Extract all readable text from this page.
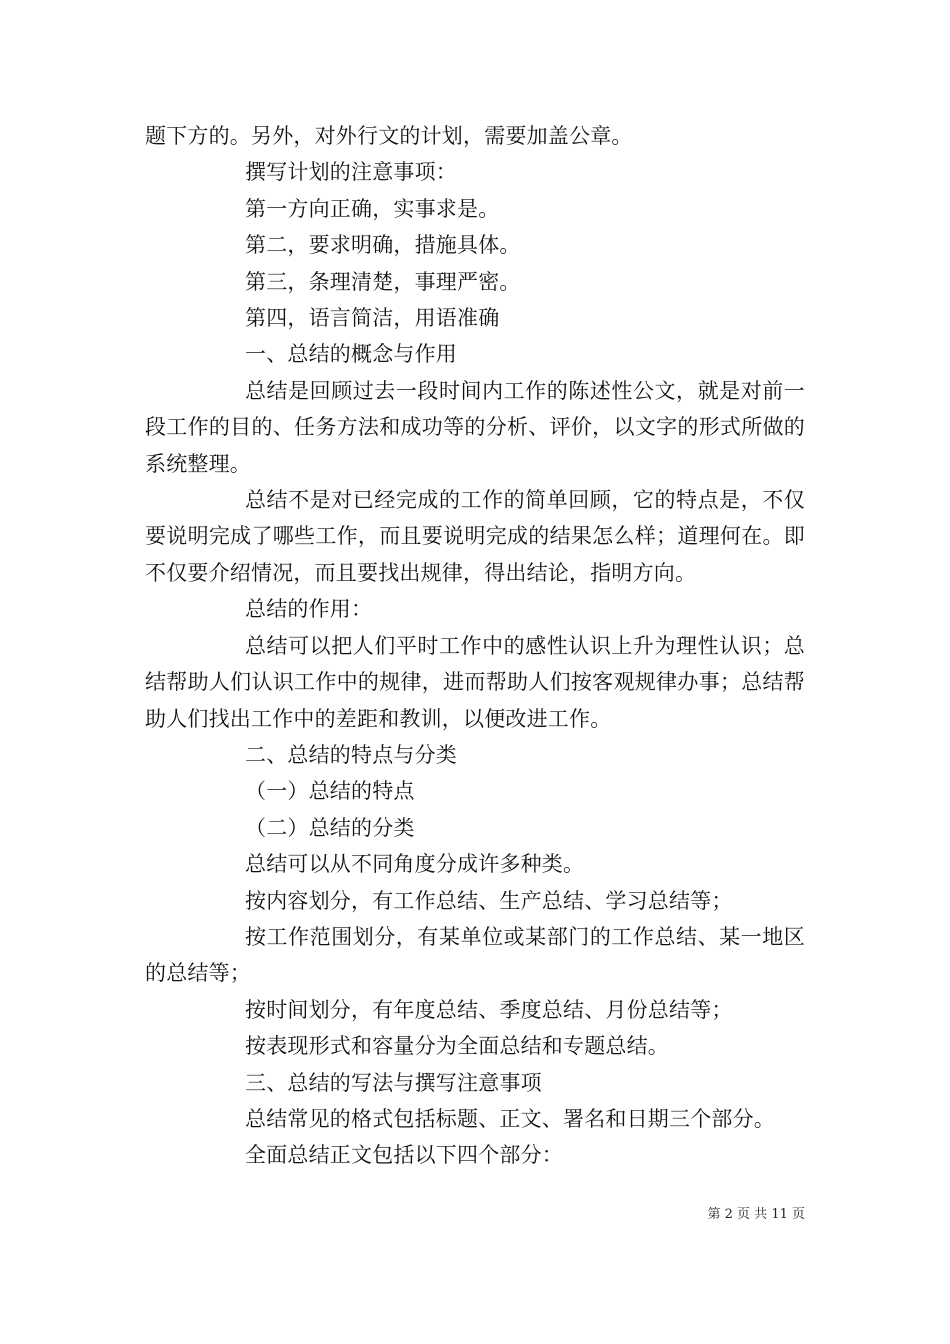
题下方的。另外，对外行文的计划，需要加盖公章。

撰写计划的注意事项：

第一方向正确，实事求是。

第二，要求明确，措施具体。

第三，条理清楚，事理严密。

第四，语言简洁，用语准确

一、总结的概念与作用

总结是回顾过去一段时间内工作的陈述性公文，就是对前一段工作的目的、任务方法和成功等的分析、评价，以文字的形式所做的系统整理。

总结不是对已经完成的工作的简单回顾，它的特点是，不仅要说明完成了哪些工作，而且要说明完成的结果怎么样；道理何在。即不仅要介绍情况，而且要找出规律，得出结论，指明方向。

总结的作用：

总结可以把人们平时工作中的感性认识上升为理性认识；总结帮助人们认识工作中的规律，进而帮助人们按客观规律办事；总结帮助人们找出工作中的差距和教训，以便改进工作。

二、总结的特点与分类

（一）总结的特点

（二）总结的分类

总结可以从不同角度分成许多种类。

按内容划分，有工作总结、生产总结、学习总结等；

按工作范围划分，有某单位或某部门的工作总结、某一地区的总结等；

按时间划分，有年度总结、季度总结、月份总结等；

按表现形式和容量分为全面总结和专题总结。

三、总结的写法与撰写注意事项

总结常见的格式包括标题、正文、署名和日期三个部分。

全面总结正文包括以下四个部分：

第 2 页 共 11 页
